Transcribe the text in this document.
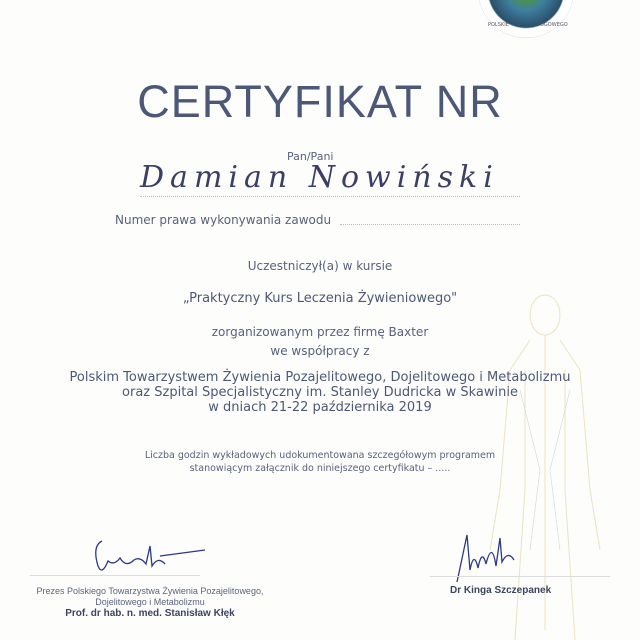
POLSKIE	OGOWEGO
CERTYFIKAT NR
Pan/Pani
Damian Nowiński
Numer prawa wykonywania zawodu
Uczestniczył(a) w kursie
„Praktyczny Kurs Leczenia Żywieniowego"
zorganizowanym przez firmę Baxter
we współpracy z
Polskim Towarzystwem Żywienia Pozajelitowego, Dojelitowego i Metabolizmu
oraz Szpital Specjalistyczny im. Stanley Dudricka w Skawinie
w dniach 21-22 października 2019
Liczba godzin wykładowych udokumentowana szczegółowym programem
stanowiącym załącznik do niniejszego certyfikatu – .....
Prezes Polskiego Towarzystwa Żywienia Pozajelitowego,
Dojelitowego i Metabolizmu
Prof. dr hab. n. med. Stanisław Kłęk
Dr Kinga Szczepanek
